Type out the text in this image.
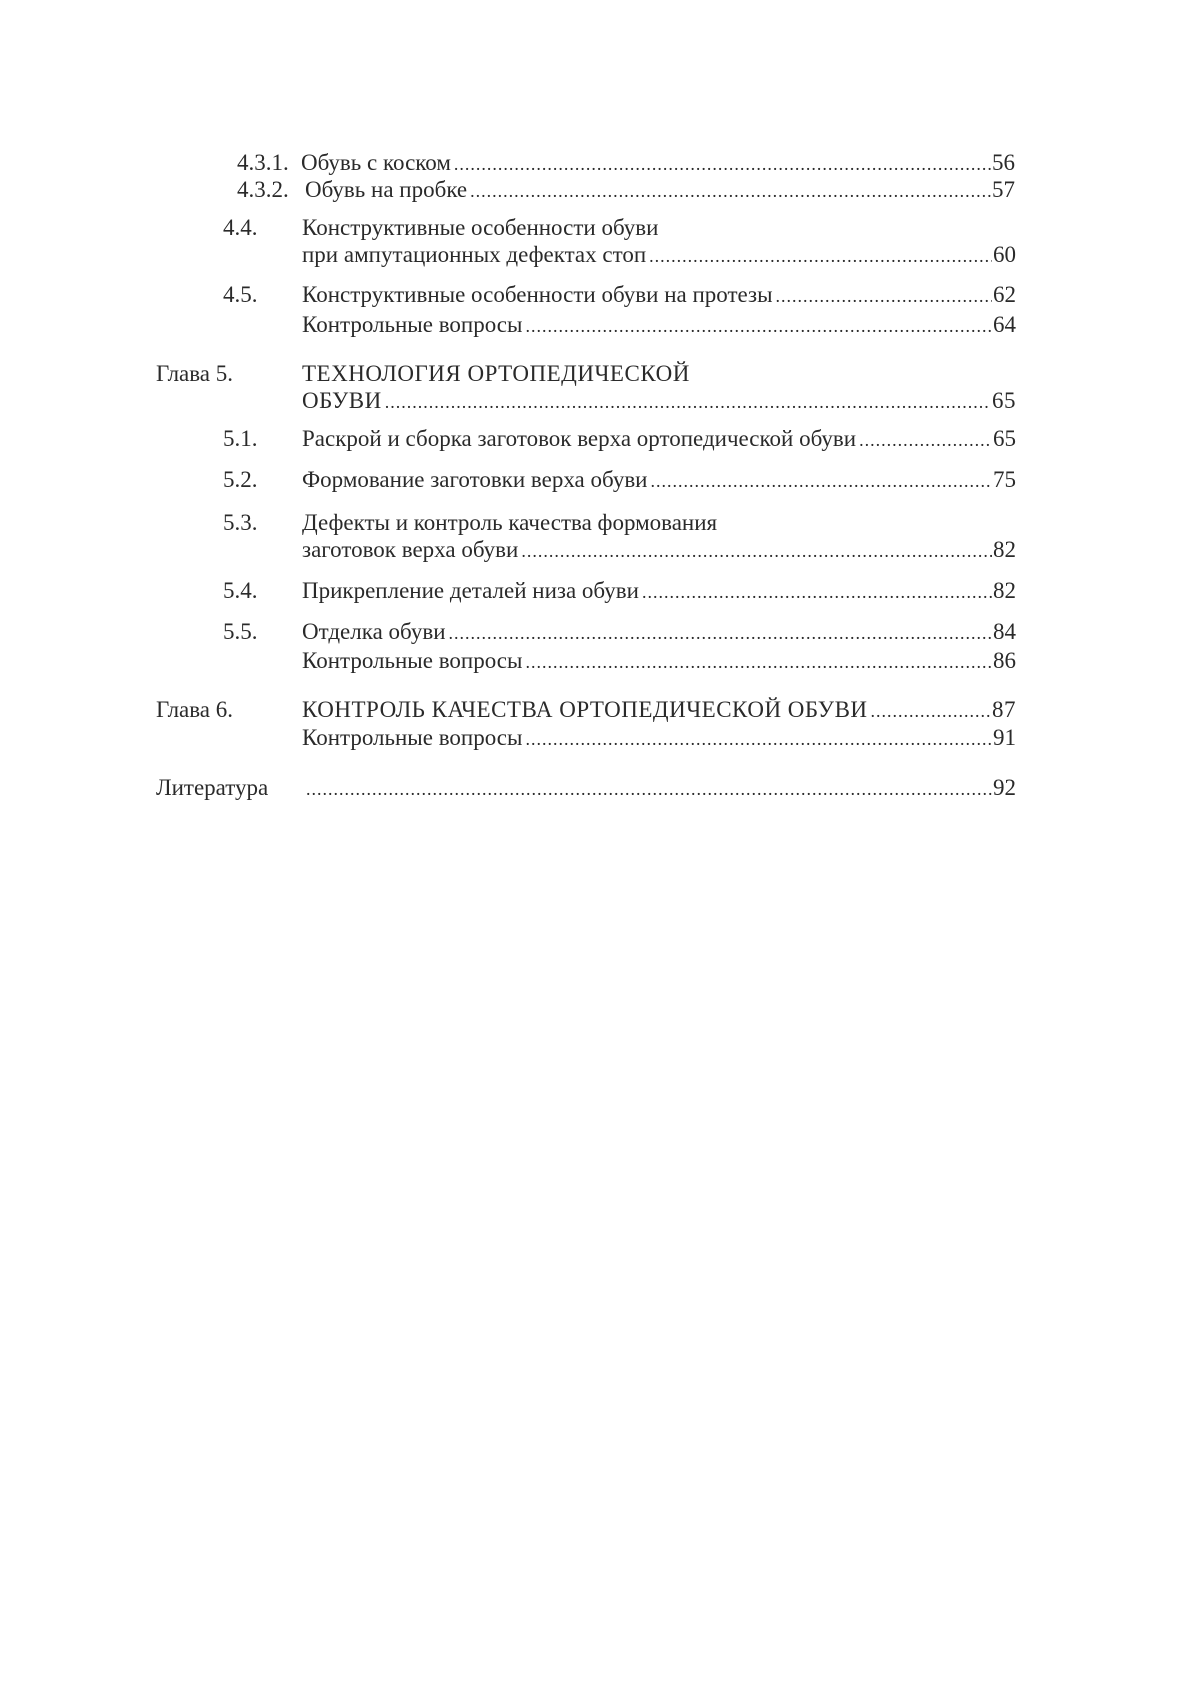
4.3.1. Обувь с коском .....	56
4.3.2. Обувь на пробке .....	57
4.4. Конструктивные особенности обуви
при ампутационных дефектах стоп .....	60
4.5. Конструктивные особенности обуви на протезы .....	62
Контрольные вопросы .....	64
Глава 5.	ТЕХНОЛОГИЯ ОРТОПЕДИЧЕСКОЙ
ОБУВИ .....	65
5.1. Раскрой и сборка заготовок верха ортопедической обуви .....	65
5.2. Формование заготовки верха обуви .....	75
5.3. Дефекты и контроль качества формования
заготовок верха обуви .....	82
5.4. Прикрепление деталей низа обуви .....	82
5.5. Отделка обуви .....	84
Контрольные вопросы .....	86
Глава 6.	КОНТРОЛЬ КАЧЕСТВА ОРТОПЕДИЧЕСКОЙ ОБУВИ .....	87
Контрольные вопросы .....	91
Литература .....	92
